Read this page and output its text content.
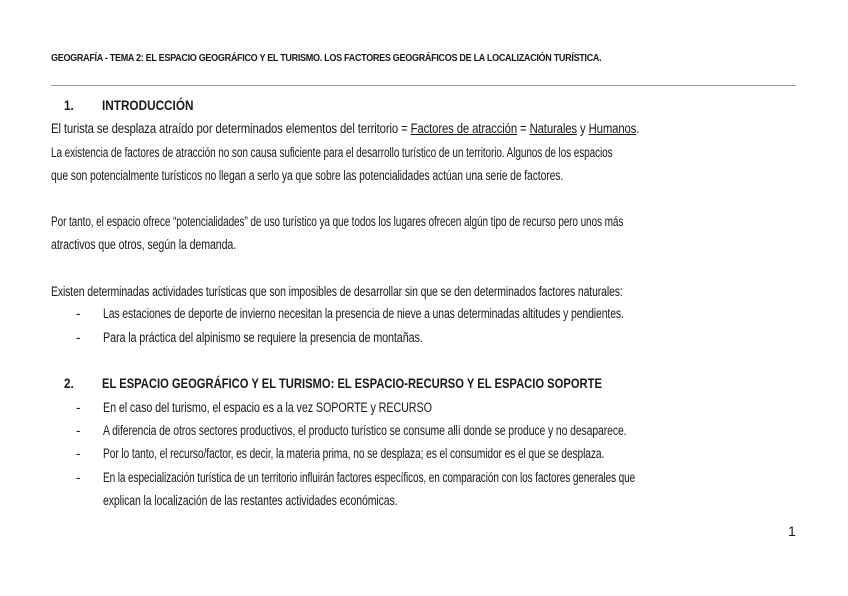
GEOGRAFÍA - TEMA 2: EL ESPACIO GEOGRÁFICO Y EL TURISMO. LOS FACTORES GEOGRÁFICOS DE LA LOCALIZACIÓN TURÍSTICA.
1. INTRODUCCIÓN
El turista se desplaza atraído por determinados elementos del territorio = Factores de atracción = Naturales y Humanos.
La existencia de factores de atracción no son causa suficiente para el desarrollo turístico de un territorio. Algunos de los espacios
que son potencialmente turísticos no llegan a serlo ya que sobre las potencialidades actúan una serie de factores.
Por tanto, el espacio ofrece “potencialidades” de uso turístico ya que todos los lugares ofrecen algún tipo de recurso pero unos más
atractivos que otros, según la demanda.
Existen determinadas actividades turísticas que son imposibles de desarrollar sin que se den determinados factores naturales:
- Las estaciones de deporte de invierno necesitan la presencia de nieve a unas determinadas altitudes y pendientes.
- Para la práctica del alpinismo se requiere la presencia de montañas.
2. EL ESPACIO GEOGRÁFICO Y EL TURISMO: EL ESPACIO-RECURSO Y EL ESPACIO SOPORTE
- En el caso del turismo, el espacio es a la vez SOPORTE y RECURSO
- A diferencia de otros sectores productivos, el producto turístico se consume allí donde se produce y no desaparece.
- Por lo tanto, el recurso/factor, es decir, la materia prima, no se desplaza; es el consumidor es el que se desplaza.
- En la especialización turística de un territorio influirán factores específicos, en comparación con los factores generales que
explican la localización de las restantes actividades económicas.
1
